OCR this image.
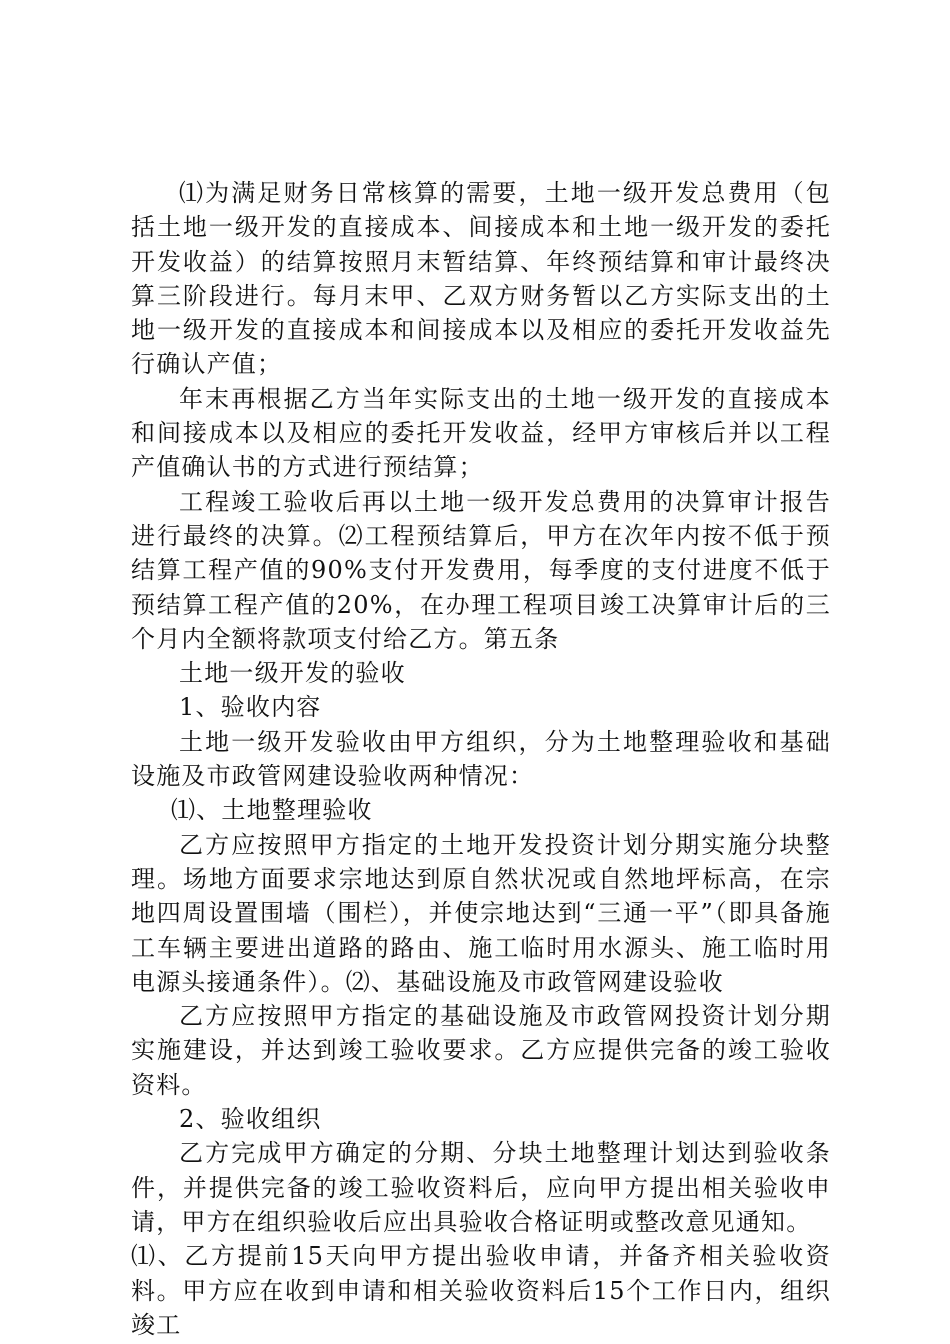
⑴为满足财务日常核算的需要，土地一级开发总费用（包括土地一级开发的直接成本、间接成本和土地一级开发的委托开发收益）的结算按照月末暂结算、年终预结算和审计最终决算三阶段进行。每月末甲、乙双方财务暂以乙方实际支出的土地一级开发的直接成本和间接成本以及相应的委托开发收益先行确认产值；

年末再根据乙方当年实际支出的土地一级开发的直接成本和间接成本以及相应的委托开发收益，经甲方审核后并以工程产值确认书的方式进行预结算；

工程竣工验收后再以土地一级开发总费用的决算审计报告进行最终的决算。⑵工程预结算后，甲方在次年内按不低于预结算工程产值的90%支付开发费用，每季度的支付进度不低于预结算工程产值的20%，在办理工程项目竣工决算审计后的三个月内全额将款项支付给乙方。第五条

土地一级开发的验收

1、验收内容

土地一级开发验收由甲方组织，分为土地整理验收和基础设施及市政管网建设验收两种情况：

⑴、土地整理验收

乙方应按照甲方指定的土地开发投资计划分期实施分块整理。场地方面要求宗地达到原自然状况或自然地坪标高，在宗地四周设置围墙（围栏），并使宗地达到“三通一平”（即具备施工车辆主要进出道路的路由、施工临时用水源头、施工临时用电源头接通条件）。⑵、基础设施及市政管网建设验收

乙方应按照甲方指定的基础设施及市政管网投资计划分期实施建设，并达到竣工验收要求。乙方应提供完备的竣工验收资料。

2、验收组织

乙方完成甲方确定的分期、分块土地整理计划达到验收条件，并提供完备的竣工验收资料后，应向甲方提出相关验收申请，甲方在组织验收后应出具验收合格证明或整改意见通知。

⑴、乙方提前15天向甲方提出验收申请，并备齐相关验收资料。甲方应在收到申请和相关验收资料后15个工作日内，组织竣工
